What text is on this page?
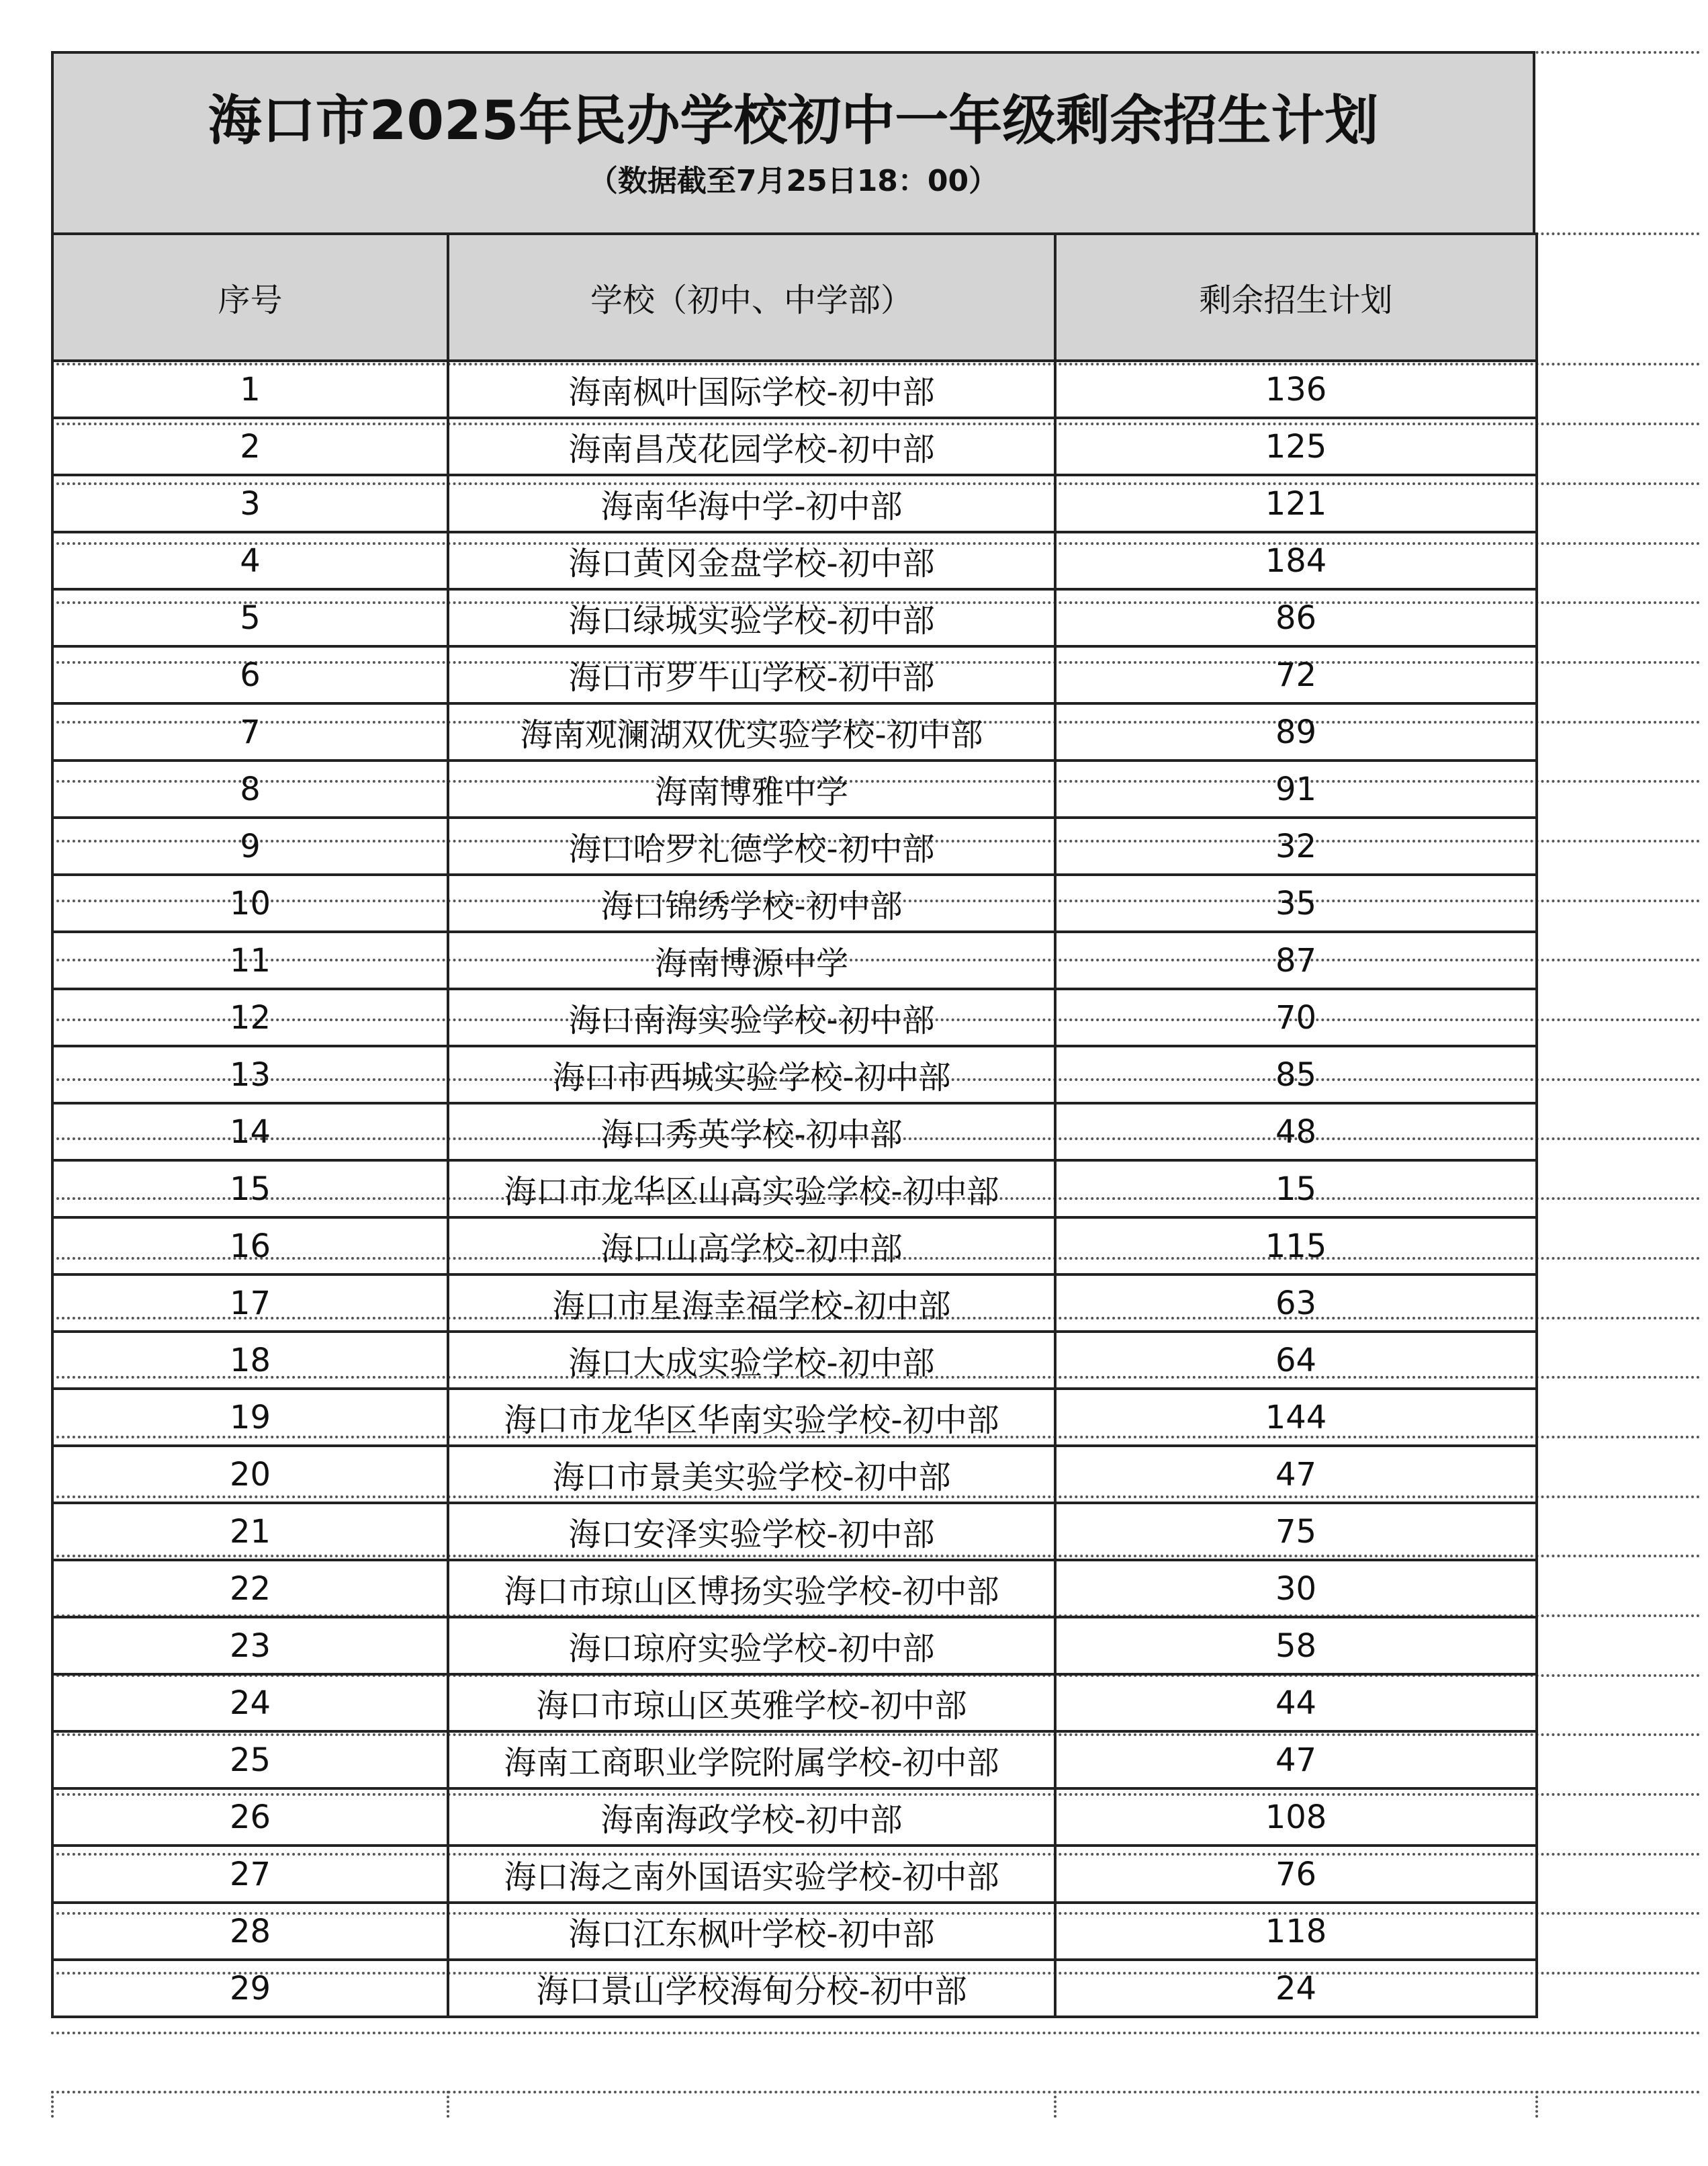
海口市2025年民办学校初中一年级剩余招生计划
（数据截至7月25日18：00）
序号	学校（初中、中学部）	剩余招生计划
1	海南枫叶国际学校-初中部	136
2	海南昌茂花园学校-初中部	125
3	海南华海中学-初中部	121
4	海口黄冈金盘学校-初中部	184
5	海口绿城实验学校-初中部	86
6	海口市罗牛山学校-初中部	72
7	海南观澜湖双优实验学校-初中部	89
8	海南博雅中学	91
9	海口哈罗礼德学校-初中部	32
10	海口锦绣学校-初中部	35
11	海南博源中学	87
12	海口南海实验学校-初中部	70
13	海口市西城实验学校-初中部	85
14	海口秀英学校-初中部	48
15	海口市龙华区山高实验学校-初中部	15
16	海口山高学校-初中部	115
17	海口市星海幸福学校-初中部	63
18	海口大成实验学校-初中部	64
19	海口市龙华区华南实验学校-初中部	144
20	海口市景美实验学校-初中部	47
21	海口安泽实验学校-初中部	75
22	海口市琼山区博扬实验学校-初中部	30
23	海口琼府实验学校-初中部	58
24	海口市琼山区英雅学校-初中部	44
25	海南工商职业学院附属学校-初中部	47
26	海南海政学校-初中部	108
27	海口海之南外国语实验学校-初中部	76
28	海口江东枫叶学校-初中部	118
29	海口景山学校海甸分校-初中部	24
